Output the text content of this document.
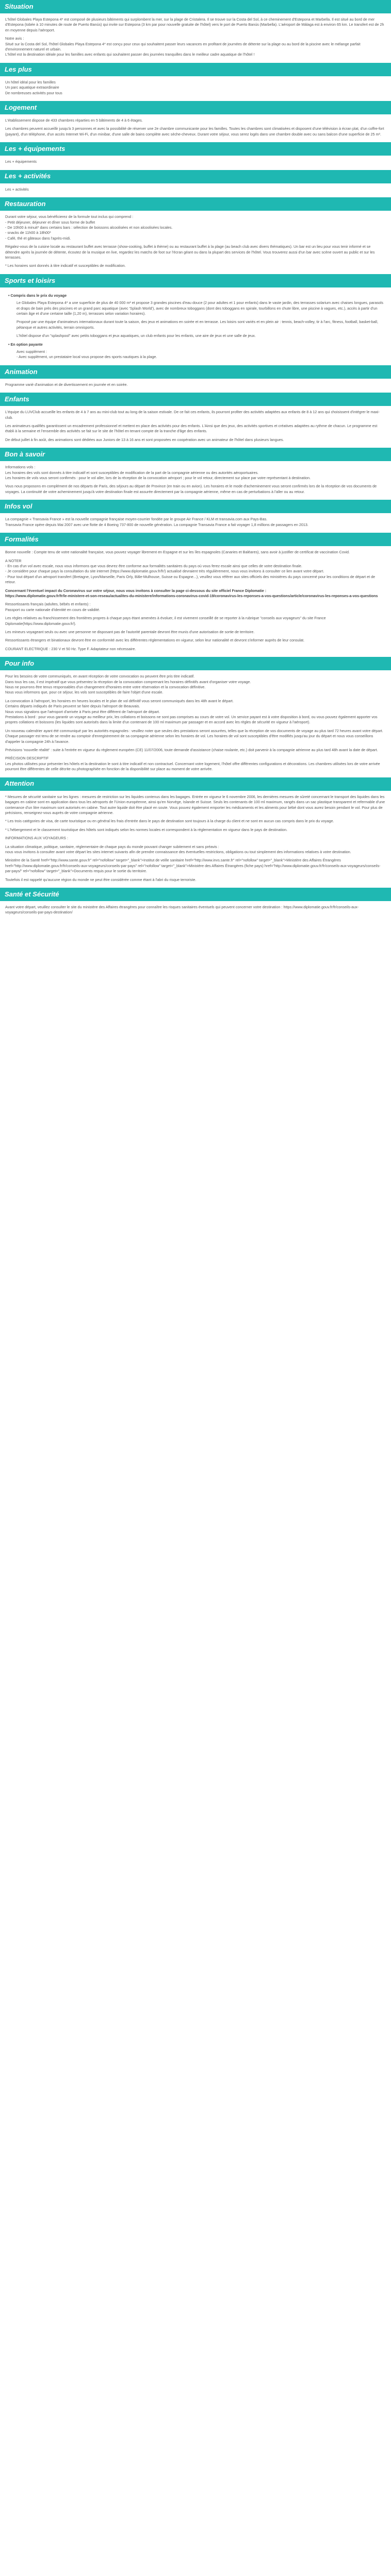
Situation

L'hôtel Globales Playa Estepona 4* est composé de plusieurs bâtiments qui surplombent la mer, sur la plage de Cristalera. Il se trouve sur la Costa del Sol, à ce cheminement d'Estepona et Marbella. Il est situé au bord de mer d'Estepona (tobée à 10 minutes de route de Puerto Banús) qui invite sur Estepona (3 km par pour nouvelle gratuite de l'hôtel) vers le port de Puerto Banús (Marbella). L'aéroport de Málaga est à environ 65 km. Le transfert est de 2h en moyenne depuis l'aéroport.

Notre avis :
Situé sur la Costa del Sol, l'hôtel Globales Playa Estepona 4* est conçu pour ceux qui souhaitent passer leurs vacances en profitant de journées de détente sur la plage ou au bord de la piscine avec le mélange parfait d'environnement naturel et urbain.
L'hôtel est la destination idéale pour les familles avec enfants qui souhaitent passer des journées tranquilles dans le meilleur cadre aquatique de l'hôtel !

Les plus
Un hôtel idéal pour les familles
Un parc aquatique extraordinaire
De nombreuses activités pour tous
Logement

L'établissement dispose de 433 chambres réparties en 5 bâtiments de 4 à 6 étages.

Les chambres peuvent accueillir jusqu'à 3 personnes et avec la possibilité de réserver une 2e chambre communicante pour les familles. Toutes les chambres sont climatisées et disposent d'une télévision à écran plat, d'un coffre-fort (payant), d'un téléphone, d'un accès Internet Wi-Fi, d'un minibar, d'une salle de bains complète avec sèche-cheveux. Durant votre séjour, vous serez logés dans une chambre double avec ou sans balcon d'une superficie de 25 m².

Les + équipements

Les + équipements

Les + activités

Les + activités

Restauration

Durant votre séjour, vous bénéficierez de la formule tout inclus qui comprend :
- Petit déjeuner, déjeuner et dîner sous forme de buffet
- De 10h00 à minuit* dans certains bars : sélection de boissons alcoolisées et non alcoolisées locales.
- snacks de 11h00 à 18h00*
- Café, thé et gâteaux dans l'après-midi.

Régalez-vous de la cuisine locale au restaurant buffet avec terrasse (show-cooking, buffet à thème) ou au restaurant buffet à la plage (au beach club avec divers thématiques). Un bar est un lieu pour vous tenir informé et se détendre après la journée de détente, écoutez de la musique en live, regardez les matchs de foot sur l'écran géant ou dans la plupart des services de l'hôtel. Vous trouverez aussi d'un bar avec scène ouvert au public et sur les terrasses.

* Les horaires sont donnés à titre indicatif et susceptibles de modification.

Sports et loisirs
• Compris dans le prix du voyage

Le Globales Playa Estepona 4* a une superficie de plus de 40 000 m² et propose 3 grandes piscines d'eau douce (2 pour adultes et 1 pour enfants) dans le vaste jardin, des terrasses solarium avec chaises longues, parasols et draps de bain près des piscines et un grand parc aquatique (avec 'Splash World'), avec de nombreux toboggans (dont des toboggans en spirale, tourbillons en chute libre, une piscine à vagues, etc.), accès à partir d'un certain âge et d'une certaine taille (1,20 m), terrasses selon variation horaires).

Proposé par une équipe d'animateurs internationaux durant toute la saison, des jeux et animations en soirée et en terrasse. Les loisirs sont variés et en plein air : tennis, beach-volley, tir à l'arc, fitness, football, basket-ball, pétanque et autres activités, terrain omnisports.

L'hôtel dispose d'un "splashpool" avec petits toboggans et jeux aquatiques, un club enfants pour les enfants, une aire de jeux et une salle de jeux.

• En option payante

Avec supplément :
- Avec supplément, un prestataire local vous propose des sports nautiques à la plage.

Animation

Programme varié d'animation et de divertissement en journée et en soirée.

Enfants

L'équipe du LUVClub accueille les enfants de 4 à 7 ans au mini-club tout au long de la saison estivale. De ce fait ces enfants, ils pourront profiter des activités adaptées aux enfants de 8 à 12 ans qui choisissent d'intégrer le maxi-club.

Les animateurs qualifiés garantissent un encadrement professionnel et mettent en place des activités pour des enfants. L'Ainsi que des jeux, des activités sportives et créatives adaptées au rythme de chacun. Le programme est établi à la semaine et l'ensemble des activités se fait sur le site de l'hôtel en tenant compte de la tranche d'âge des enfants.

De début juillet à fin août, des animations sont dédiées aux Juniors de 13 à 16 ans et sont proposées en coopération avec un animateur de l'hôtel dans plusieurs langues.

Bon à savoir

Informations vols :
Les horaires des vols sont donnés à titre indicatif et sont susceptibles de modification de la part de la compagnie aérienne ou des autorités aéroportuaires.
Les horaires de vols vous seront confirmés : pour le vol aller, lors de la réception de la convocation aéroport ; pour le vol retour, directement sur place par votre représentant à destination.

Vous nous proposons en complément de nos départs de Paris, des séjours au départ de Province (en train ou en avion). Les horaires et le mode d'acheminement vous seront confirmés lors de la réception de vos documents de voyages. La continuité de votre acheminement jusqu'à votre destination finale est assurée directement par la compagnie aérienne, même en cas de perturbations à l'aller ou au retour.

Infos vol

La compagnie « Transavia France » est la nouvelle compagnie française moyen-courrier fondée par le groupe Air France / KLM et transavia.com aux Pays-Bas.
Transavia France opère depuis Mai 2007 avec une flotte de 4 Boeing 737-800 de nouvelle génération. La compagnie Transavia France a fait voyager 1,8 millions de passagers en 2013.

Formalités

Bonne nouvelle : Compte tenu de votre nationalité française, vous pouvez voyager librement en Espagne et sur les îles espagnoles (Canaries et Baléares), sans avoir à justifier de certificat de vaccination Covid.

A NOTER
- En cas d'un vol avec escale, nous vous informons que vous devrez être conforme aux formalités sanitaires du pays où vous ferez escale ainsi que celles de votre destination finale.
- Je considère pour chaque pays la consultation du site internet (https://www.diplomatie.gouv.fr/fr/) actualisé devraient très régulièrement, nous vous invitons à consulter ce lien avant votre départ.
- Pour tout départ d'un aéroport transfert (Bretagne, Lyon/Marseille, Paris Orly, Bâle-Mulhouse, Suisse ou Espagne...), veuillez vous référer aux sites officiels des ministères du pays concerné pour les conditions de départ et de retour.

Concernant l'éventuel impact du Coronavirus sur votre séjour, nous vous invitons à consulter la page ci-dessous du site officiel France Diplomatie :
https://www.diplomatie.gouv.fr/fr/le-ministere-et-son-reseau/actualites-du-ministere/informations-coronavirus-covid-19/coronavirus-les-reponses-a-vos-questions/article/coronavirus-les-reponses-a-vos-questions

Ressortissants français (adultes, bébés et enfants) :
Passport ou carte nationale d'identité en cours de validité.

Les règles relatives au franchissement des frontières propres à chaque pays étant amenées à évoluer, il est vivement conseillé de se reporter à la rubrique "conseils aux voyageurs" du site France Diplomatie(https://www.diplomatie.gouv.fr/).

Les mineurs voyageant seuls ou avec une personne ne disposant pas de l'autorité parentale devront être munis d'une autorisation de sortie de territoire.

Ressortissants étrangers et binationaux devront être en conformité avec les différentes réglementations en vigueur, selon leur nationalité et devront s'informer auprès de leur consulat.

COURANT ELECTRIQUE : 230 V et 50 Hz. Type F. Adaptateur non nécessaire.

Pour info

Pour les besoins de votre communiqués, en avant réception de votre convocation ou peuvent être pris titre indicatif.
Dans tous les cas, il est impératif que vous présentez la réception de la convocation comprenant les horaires définitifs avant d'organiser votre voyage.
Nous ne pourrons être tenus responsables d'un changement d'horaires entre votre réservation et la convocation définitive.
Nous vous informons que, pour ce séjour, les vols sont susceptibles de faire l'objet d'une escale.

La convocation à l'aéroport, les horaires en heures locales et le plan de vol définitif vous seront communiqués dans les 48h avant le départ.
Certains départs indiqués de Paris peuvent se faire depuis l'aéroport de Beauvais.
Nous vous signalons que l'aéroport d'arrivée à Paris peut être différent de l'aéroport de départ.
Prestations à bord : pour vous garantir un voyage au meilleur prix, les collations et boissons ne sont pas comprises au cours de votre vol. Un service payant est à votre disposition à bord, ou vous pouvez également apporter vos propres collations et boissons (les liquides sont autorisés dans la limite d'un contenant de 100 ml maximum par passager et en accord avec les règles de sécurité en vigueur à l'aéroport).

Un nouveau calendrier ayant été communiqué par les autorités espagnoles : veuillez noter que seules des prestations seront assurées, telles que la réception de vos documents de voyage au plus tard 72 heures avant votre départ. Chaque passager est tenu de se rendre au comptoir d'enregistrement de sa compagnie aérienne selon les horaires de vol. Les horaires de vol sont susceptibles d'être modifiés jusqu'au jour du départ et nous vous conseillons d'appeler la compagnie 24h à l'avance.

Prévisions 'nouvelle réalité' : suite à l'entrée en vigueur du règlement européen (CE) 11/07/2006, toute demande d'assistance (chaise roulante, etc.) doit parvenir à la compagnie aérienne au plus tard 48h avant la date de départ.

PRÉCISION DESCRIPTIF
Les photos utilisées pour présenter les hôtels et la destination le sont à titre indicatif et non contractuel. Concernant votre logement, l'hôtel offre différentes configurations et décorations. Les chambres utilisées lors de votre arrivée pourront être différentes de celle décrite ou photographiée en fonction de la disponibilité sur place au moment de votre arrivée.

Attention

* Mesures de sécurité sanitaire sur les lignes : mesures de restriction sur les liquides contenus dans les bagages. Entrée en vigueur le 6 novembre 2006, les dernières mesures de sûreté concernant le transport des liquides dans les bagages en cabine sont en application dans tous les aéroports de l'Union européenne, ainsi qu'en Norvège, Islande et Suisse. Seuls les contenants de 100 ml maximum, rangés dans un sac plastique transparent et refermable d'une contenance d'un litre maximum sont autorisés en cabine. Tout autre liquide doit être placé en soute. Vous pouvez également emporter les médicaments et les aliments pour bébé dont vous aurez besoin pendant le vol. Pour plus de précisions, renseignez-vous auprès de votre compagnie aérienne.

* Les trois catégories de visa, de carte touristique ou en général les frais d'entrée dans le pays de destination sont toujours à la charge du client et ne sont en aucun cas compris dans le prix du voyage.

* L'hébergement et le classement touristique des hôtels sont indiqués selon les normes locales et correspondent à la réglementation en vigueur dans le pays de destination.

INFORMATIONS AUX VOYAGEURS :

La situation climatique, politique, sanitaire, réglementaire de chaque pays du monde pouvant changer subitement et sans préavis :
nous vous invitons à consulter avant votre départ les sites internet suivants afin de prendre connaissance des éventuelles restrictions, obligations ou tout simplement des informations relatives à votre destination.

Ministère de la Santé href="http://www.sante.gouv.fr" rel="nofollow" target="_blank">Institut de veille sanitaire href="http://www.invs.sante.fr" rel="nofollow" target="_blank">Ministère des Affaires Étrangères href="http://www.diplomatie.gouv.fr/fr/conseils-aux-voyageurs/conseils-par-pays" rel="nofollow" target="_blank">Ministère des Affaires Étrangères (fiche pays) href="http://www.diplomatie.gouv.fr/fr/conseils-aux-voyageurs/conseils-par-pays/" rel="nofollow" target="_blank">Documents requis pour le sortie du territoire.

Toutefois il est rappelé qu'aucune région du monde ne peut être considérée comme étant à l'abri du risque terroriste.

Santé et Sécurité

Avant votre départ, veuillez consulter le site du ministère des Affaires étrangères pour connaître les risques sanitaires éventuels qui peuvent concerner votre destination : https://www.diplomatie.gouv.fr/fr/conseils-aux-voyageurs/conseils-par-pays-destination/
